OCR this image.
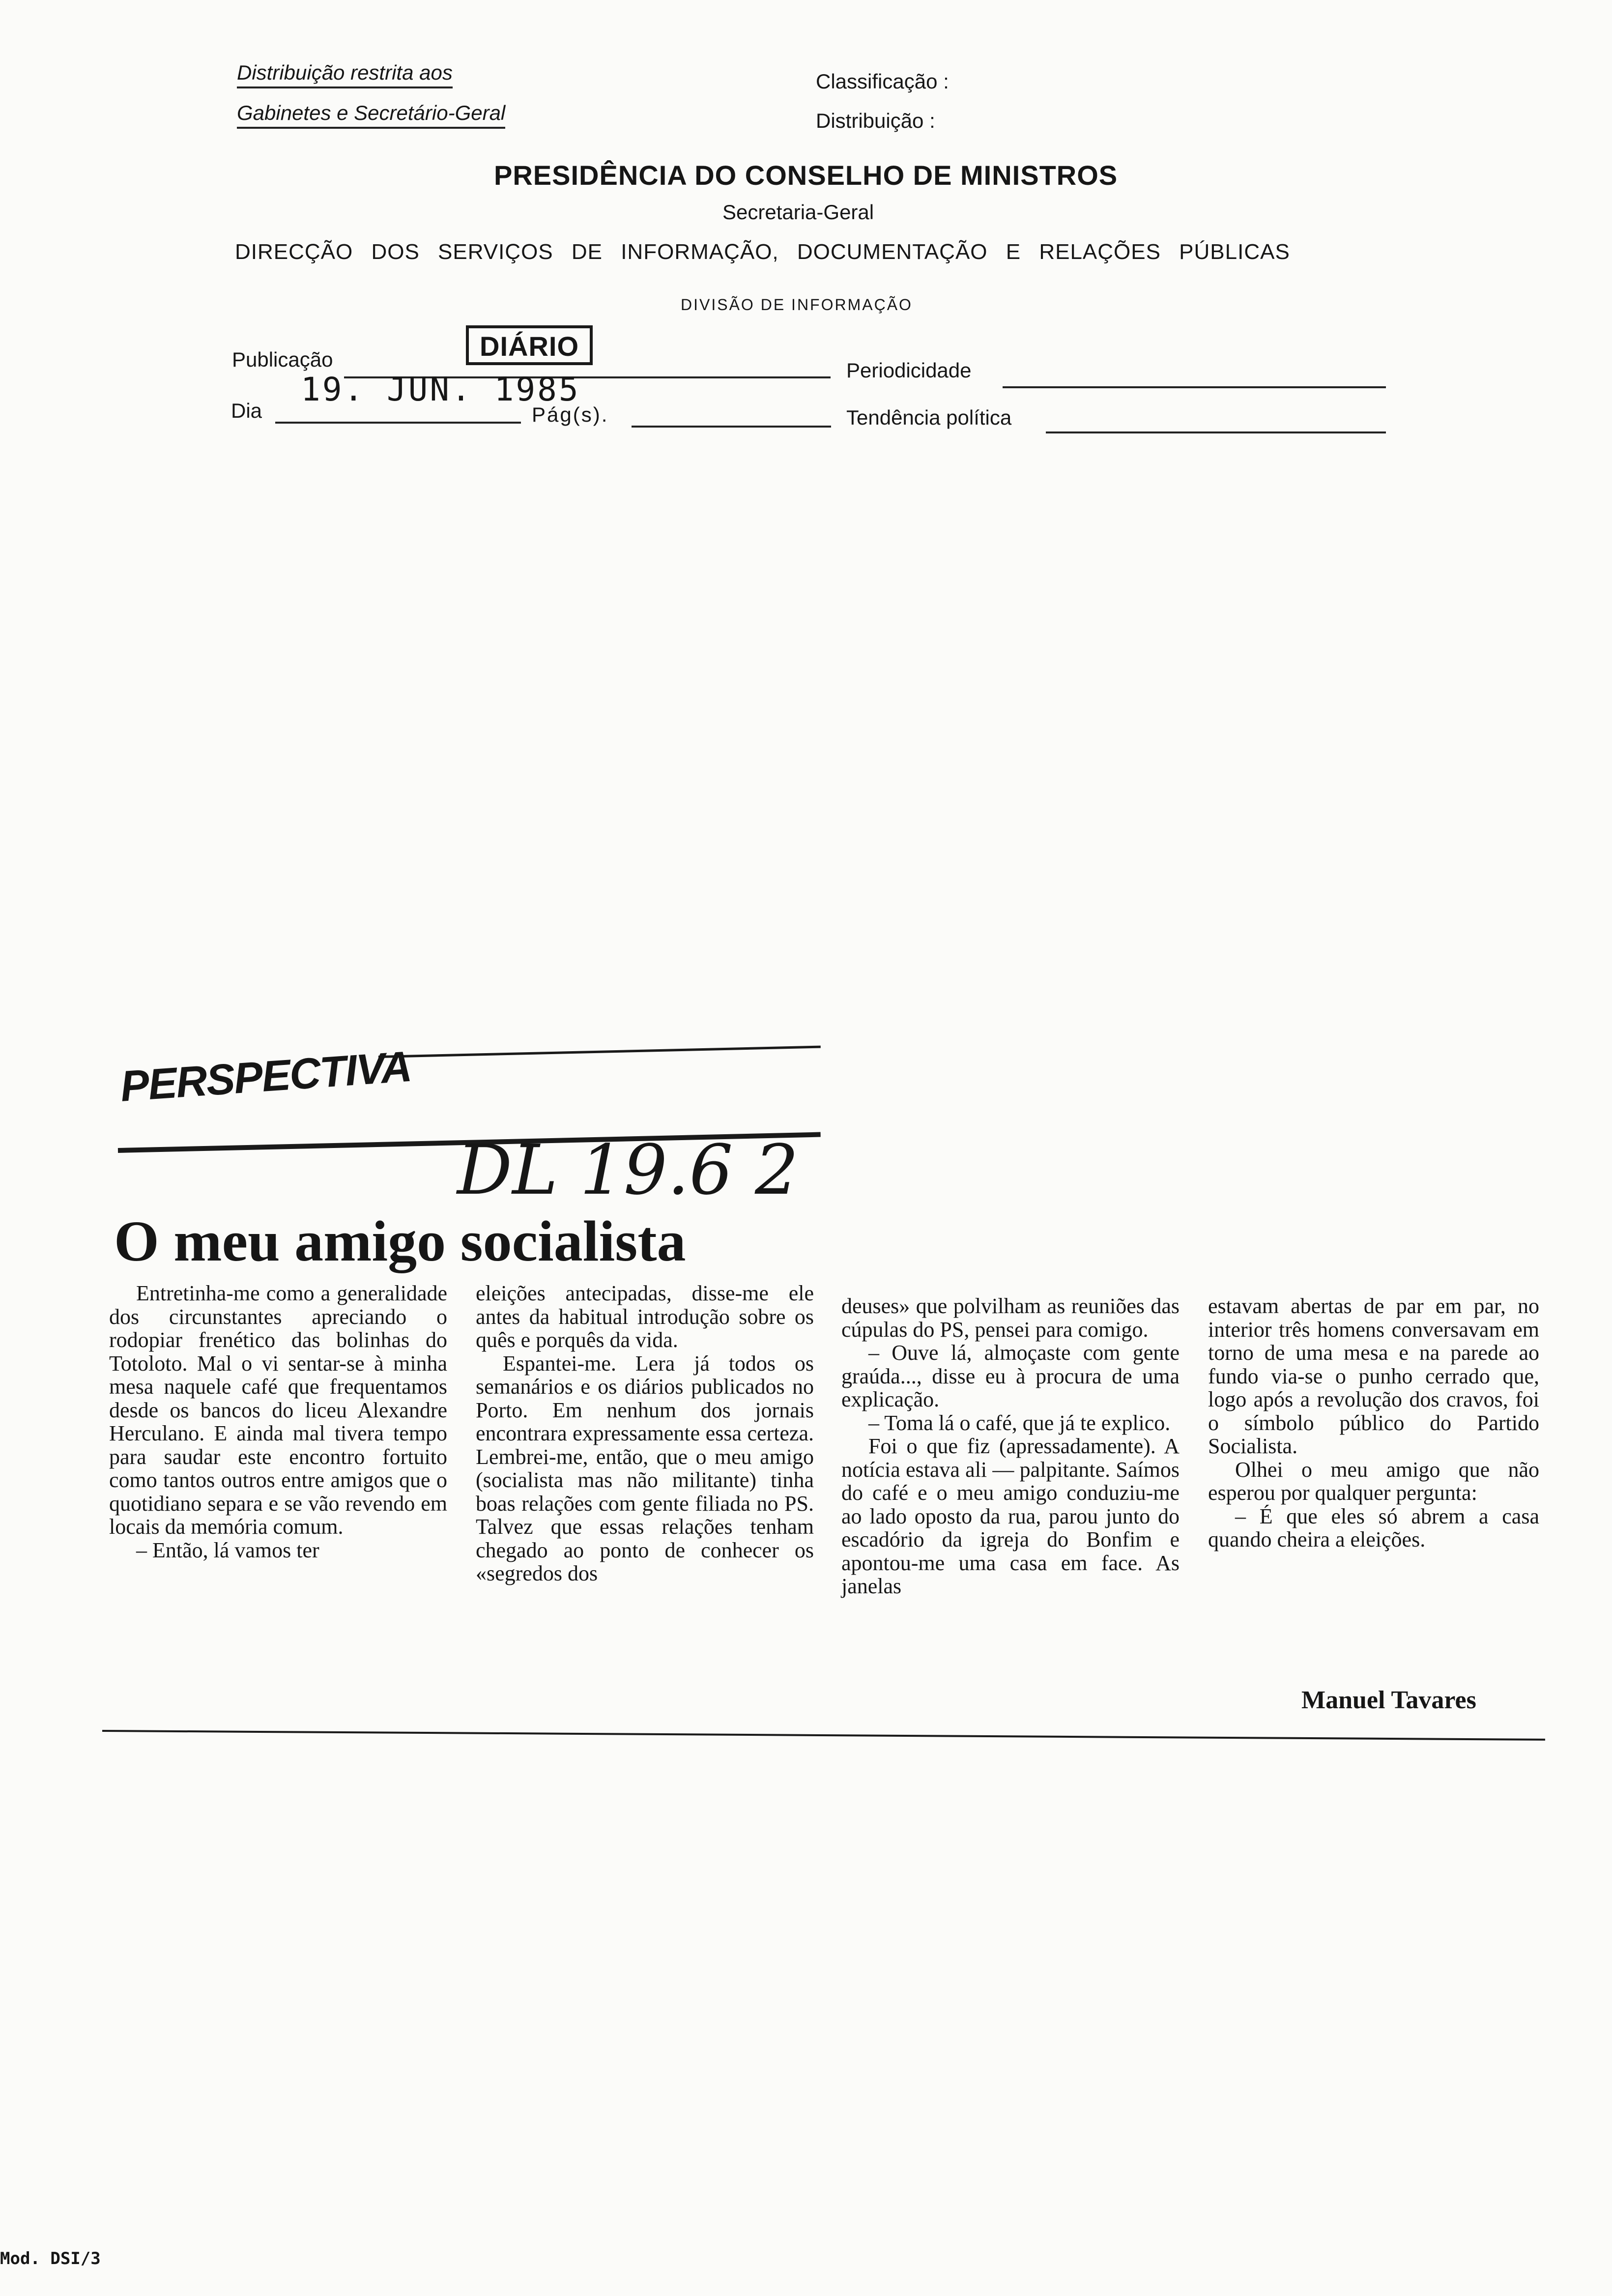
Distribuição restrita aos
Gabinetes e Secretário-Geral
Classificação :
Distribuição :
PRESIDÊNCIA DO CONSELHO DE MINISTROS
Secretaria-Geral
DIRECÇÃO DOS SERVIÇOS DE INFORMAÇÃO, DOCUMENTAÇÃO E RELAÇÕES PÚBLICAS
DIVISÃO DE INFORMAÇÃO
Publicação	DIÁRIO
Periodicidade
Dia
19. JUN. 1985
Pág(s).	Tendência política
PERSPECTIVA
DL 19.6 2
O meu amigo socialista

Entretinha-me como a generalidade dos circunstantes apreciando o rodopiar frenético das bolinhas do Totoloto. Mal o vi sentar-se à minha mesa naquele café que frequentamos desde os bancos do liceu Alexandre Herculano. E ainda mal tivera tempo para saudar este encontro fortuito como tantos outros entre amigos que o quotidiano separa e se vão revendo em locais da memória comum.

– Então, lá vamos ter

eleições antecipadas, disse-me ele antes da habitual introdução sobre os quês e porquês da vida.

Espantei-me. Lera já todos os semanários e os diários publicados no Porto. Em nenhum dos jornais encontrara expressamente essa certeza. Lembrei-me, então, que o meu amigo (socialista mas não militante) tinha boas relações com gente filiada no PS. Talvez que essas relações tenham chegado ao ponto de conhecer os «segredos dos

deuses» que polvilham as reuniões das cúpulas do PS, pensei para comigo.

– Ouve lá, almoçaste com gente graúda..., disse eu à procura de uma explicação.

– Toma lá o café, que já te explico.

Foi o que fiz (apressadamente). A notícia estava ali — palpitante. Saímos do café e o meu amigo conduziu-me ao lado oposto da rua, parou junto do escadório da igreja do Bonfim e apontou-me uma casa em face. As janelas

estavam abertas de par em par, no interior três homens conversavam em torno de uma mesa e na parede ao fundo via-se o punho cerrado que, logo após a revolução dos cravos, foi o símbolo público do Partido Socialista.

Olhei o meu amigo que não esperou por qualquer pergunta:

– É que eles só abrem a casa quando cheira a eleições.

Manuel Tavares
Mod. DSI/3
